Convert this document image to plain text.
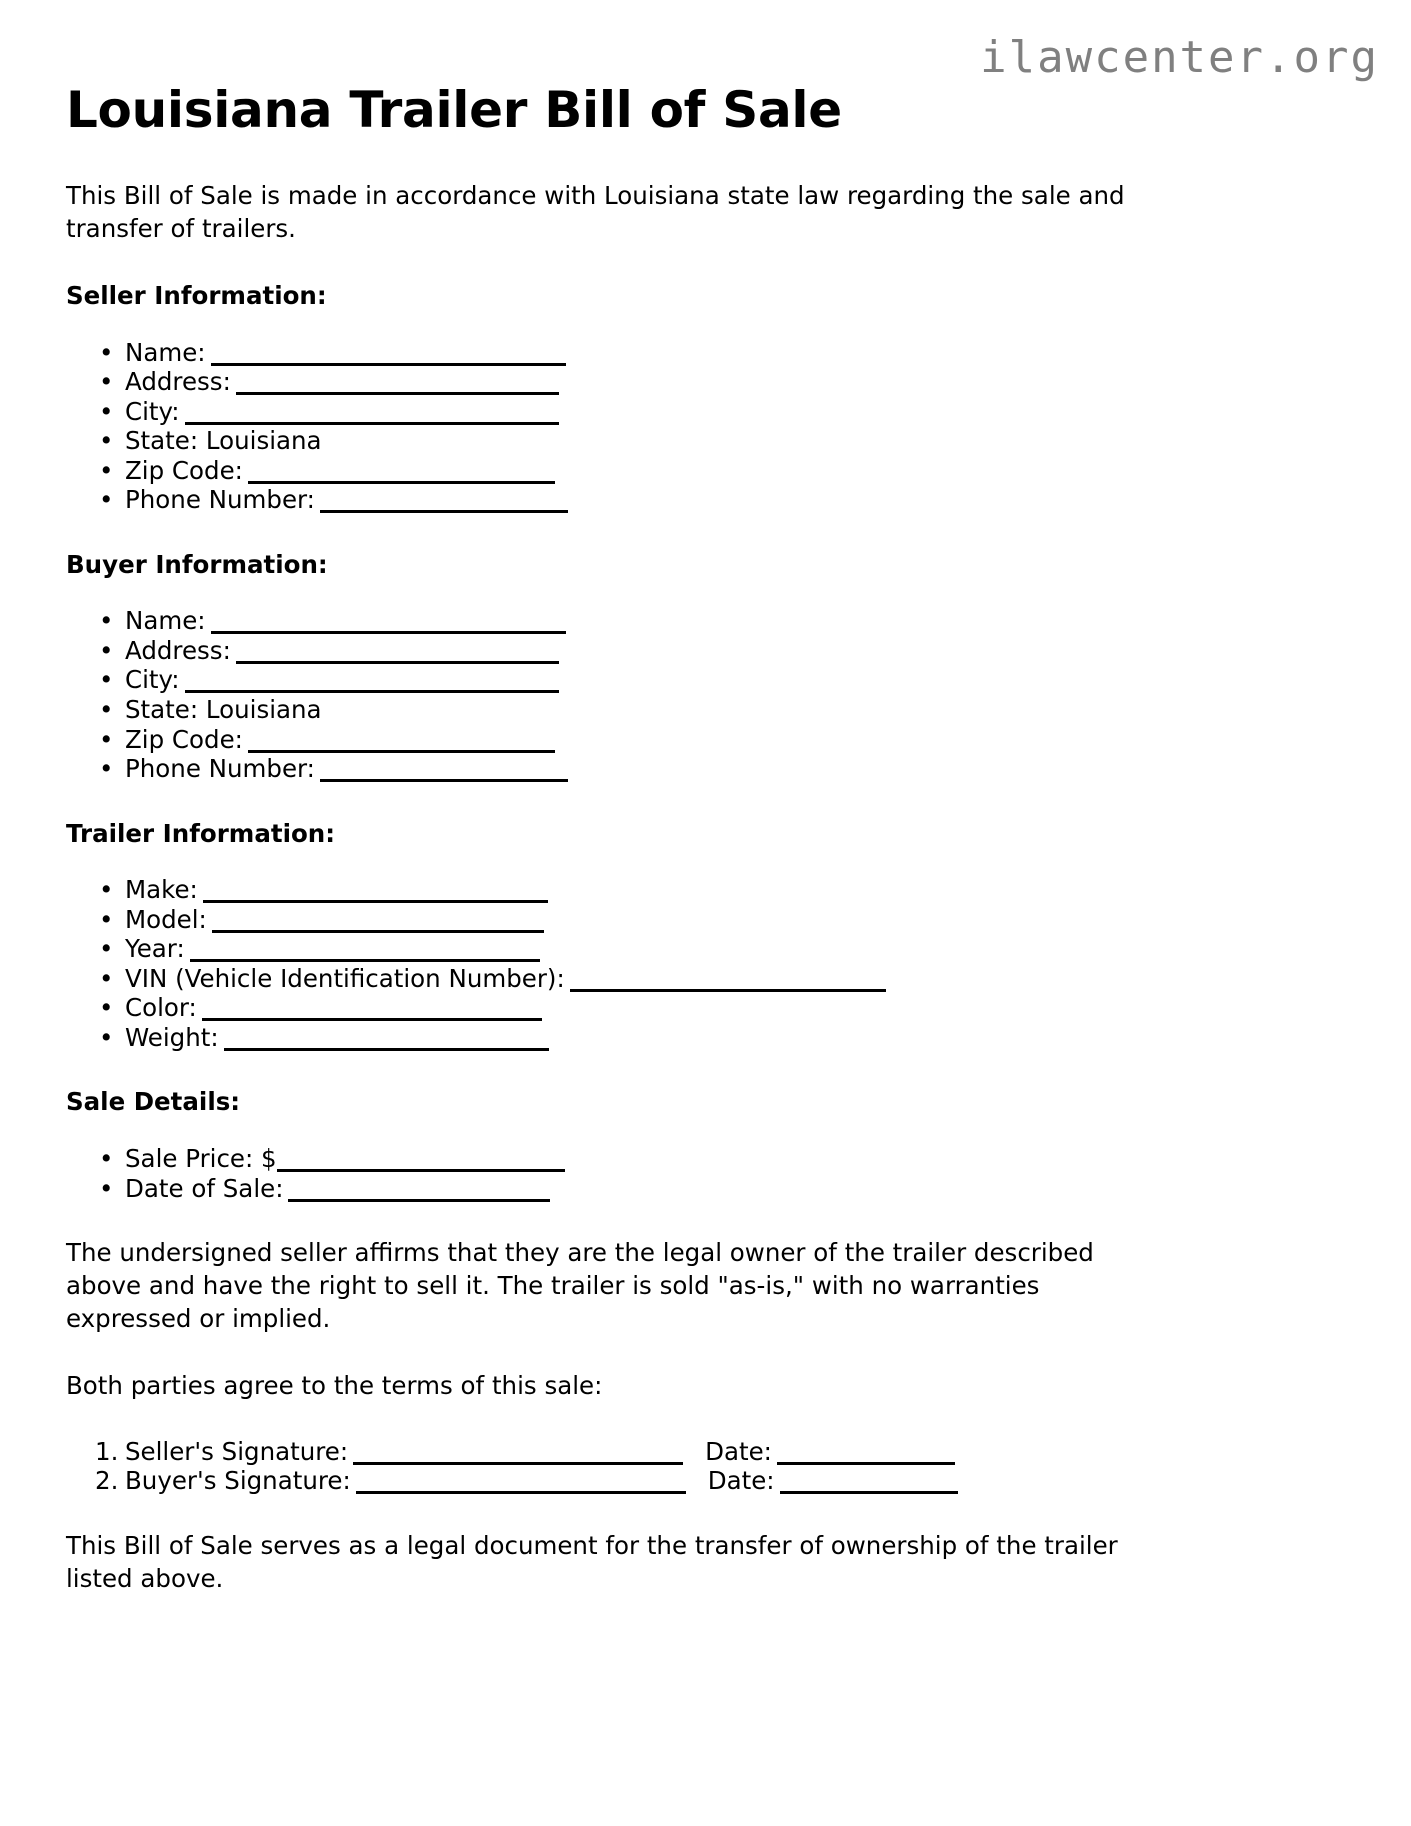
ilawcenter.org
Louisiana Trailer Bill of Sale

This Bill of Sale is made in accordance with Louisiana state law regarding the sale and transfer of trailers.

Seller Information:
• Name:
• Address:
• City:
• State: Louisiana
• Zip Code:
• Phone Number:
Buyer Information:
• Name:
• Address:
• City:
• State: Louisiana
• Zip Code:
• Phone Number:
Trailer Information:
• Make:
• Model:
• Year:
• VIN (Vehicle Identification Number):
• Color:
• Weight:
Sale Details:
• Sale Price: $
• Date of Sale:

The undersigned seller affirms that they are the legal owner of the trailer described above and have the right to sell it. The trailer is sold "as-is," with no warranties expressed or implied.

Both parties agree to the terms of this sale:

Seller's Signature:	Date:
Buyer's Signature:	Date:

This Bill of Sale serves as a legal document for the transfer of ownership of the trailer listed above.
